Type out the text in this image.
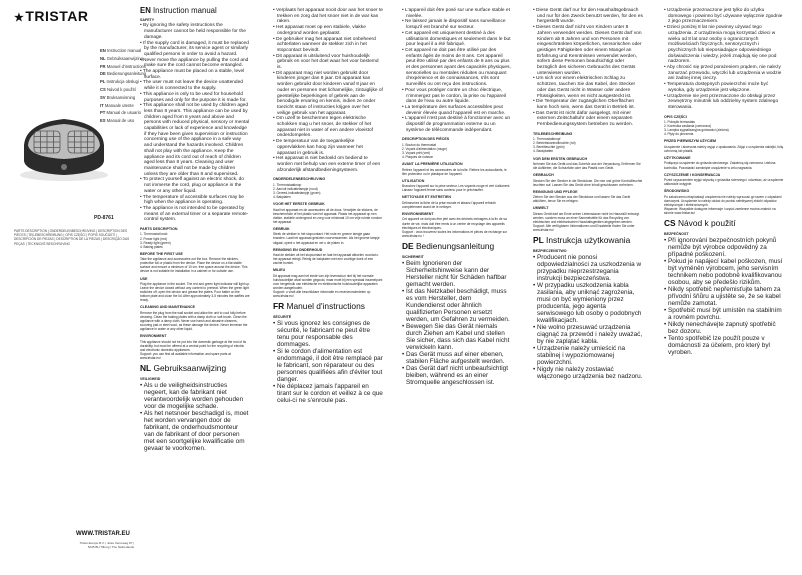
★TRISTAR
EN Instruction manual
NL Gebruiksaanwijzing
FR Manuel d'instructions
DE Bedienungsanleitung
PL Instrukcja obsługi
CS Návod k použití
SV Bruksanvisning
IT Manuale utente
PT Manual de usuario
ES Manual de uso
PD-8761
PARTS DESCRIPTION | ONDERDELENBESCHRIJVING | DESCRIPTION DES PIÈCES | TEILEBESCHREIBUNG | OPIS CZĘŚCI | POPIS SOUČÁSTÍ | DESCRIPCIÓN DE PIEZAS | DESCRIPTION DE LA PIEZAS | DESCRIÇÃO DAS PEÇAS | TECKNICKÉ BESCHRIJVING
WWW.TRISTAR.EU
Tristar Europe B.V. | Jules Verneweg 87 | 5015 BH Tilburg | The Netherlands
EN Instruction manual
SAFETY

• By ignoring the safety instructions the manufacturer cannot be held responsible for the damage.

• If the supply cord is damaged, it must be replaced by the manufacturer, its service agent or similarly qualified persons in order to avoid a hazard.

• Never move the appliance by pulling the cord and make sure the cord cannot become entangled.

• The appliance must be placed on a stable, level surface.

• The user must not leave the device unattended while it is connected to the supply.

• This appliance is only to be used for household purposes and only for the purpose it is made for.

• This appliance shall not be used by children aged less than 8 years. This appliance can be used by children aged from 8 years and above and persons with reduced physical, sensory or mental capabilities or lack of experience and knowledge if they have been given supervision or instruction concerning use of the appliance in a safe way and understand the hazards involved. Children shall not play with the appliance. Keep the appliance and its cord out of reach of children aged less than 8 years. Cleaning and user maintenance shall not be made by children unless they are older than 8 and supervised.

• To protect yourself against an electric shock, do not immerse the cord, plug or appliance in the water or any other liquid.

• The temperature of accessible surfaces may be high when the appliance is operating.

• The appliance is not intended to be operated by means of an external timer or a separate remote-control system.

PARTS DESCRIPTION

1. Thermostat knob

2. Power light (red)

3. Ready light (green)

4. Baking plates

BEFORE THE FIRST USE

Take the appliance and accessories out the box. Remove the stickers, protective foil or plastic from the device. Place the device on a flat stable surface and ensure a minimum of 10 cm. free space around the device. This device is not suitable for installation in a cabinet or for outside use.

USE

Plug the appliance in the socket. The red and green light indicator will light up. Leave the device closed without any content to preheat. When the green light switches off, open the device and grease the plates. Pour batter on the bottom plate and close the lid. After approximately 3-5 minutes the waffles are ready.

CLEANING AND MAINTENANCE

Remove the plug from the wall socket and allow the unit to cool fully before cleaning. Clean the baking plates with a damp cloth or soft brush. Clean the appliance with a damp cloth. Never use harsh and abrasive cleaners, scouring pad or steel wool, as these damage the device. Never immerse the appliance in water or any other liquid.

ENVIRONMENT

This appliance should not be put into the domestic garbage at the end of its durability, but must be offered at a central point for the recycling of electric and electronic domestic appliances.

Support: you can find all available information and spare parts at www.tristar.eu!

NL Gebruiksaanwijzing
VEILIGHEID

• Als u de veiligheidsinstructies negeert, kan de fabrikant niet verantwoordelijk worden gehouden voor de mogelijke schade.

• Als het netsnoer beschadigd is, moet het worden vervangen door de fabrikant, de onderhoudsmonteur van de fabrikant of door personen met een soortgelijke kwalificatie om gevaar te voorkomen.

• Verplaats het apparaat nooit door aan het snoer te trekken en zorg dat het snoer niet in de war kan raken.

• Het apparaat moet op een stabiele, vlakke ondergrond worden geplaatst.

• De gebruiker mag het apparaat niet onbeheerd achterlaten wanneer de stekker zich in het stopcontact bevindt.

• Dit apparaat is uitsluitend voor huishoudelijk gebruik en voor het doel waar het voor bestemd is.

• Dit apparaat mag niet worden gebruikt door kinderen jonger dan 8 jaar. Dit apparaat kan worden gebruikt door kinderen vanaf 8 jaar en ouder en personen met lichamelijke, zintuiglijke of geestelijke beperkingen of gebrek aan de benodigde ervaring en kennis, indien ze onder toezicht staan of instructies krijgen over het veilige gebruik van het apparaat.

• Om uzelf te beschermen tegen elektrische schokken mag u het snoer, de stekker of het apparaat niet in water of een andere vloeistof onderdompelen.

• De temperatuur van de toegankelijke oppervlakken kan hoog zijn wanneer het apparaat in gebruik is.

• Het apparaat is niet bedoeld om bediend te worden met behulp van een externe timer of een afzonderlijk afstandbedieningsysteem.

ONDERDELENBESCHRIJVING

1. Thermostaatknop

2. Aan/uit indicatielampje (rood)

3. Gereed-indicatielampje (groen)

4. Bakplaten

VOOR HET EERSTE GEBRUIK

Haal het apparaat en de accessoires uit de doos. Verwijder de stickers, de beschermfolie of het plastic van het apparaat. Plaats het apparaat op een vlakke, stabiele ondergrond en zorg voor minimaal 10 cm vrije ruimte rondom het apparaat.

GEBRUIK

Steek de stekker in het stopcontact. Het rode en groene lampje gaan branden. Laat het apparaat gesloten voorverwarmen. Als het groene lampje uitgaat, opent u het apparaat en vet u de platen in.

REINIGING EN ONDERHOUD

Haal de stekker uit het stopcontact en laat het apparaat afkoelen voordat u het apparaat reinigt. Reinig de bakplaten met een vochtige doek of een zachte borstel.

MILIEU

Dit apparaat mag aan het einde van zijn levensduur niet bij het normale huishoudelijke afval worden gegooid, maar moet bij een speciaal inzamelpunt voor hergebruik van elektrische en elektronische huishoudelijke apparaten worden aangeboden.

Support: u vindt alle beschikbare informatie en reserveonderdelen op www.tristar.eu!

FR Manuel d'instructions
SÉCURITÉ

• Si vous ignorez les consignes de sécurité, le fabricant ne peut être tenu pour responsable des dommages.

• Si le cordon d'alimentation est endommagé, il doit être remplacé par le fabricant, son réparateur ou des personnes qualifiées afin d'éviter tout danger.

• Ne déplacez jamais l'appareil en tirant sur le cordon et veillez à ce que celui-ci ne s'enroule pas.

• L'appareil doit être posé sur une surface stable et nivelée.

• Ne laissez jamais le dispositif sans surveillance lorsqu'il est branché sur secteur.

• Cet appareil est uniquement destiné à des utilisations domestiques et seulement dans le but pour lequel il a été fabriqué.

• Cet appareil ne doit pas être utilisé par des enfants âgés de moins de 8 ans. Cet appareil peut être utilisé par des enfants de 8 ans ou plus et des personnes ayant des capacités physiques, sensorielles ou mentales réduites ou manquant d'expérience et de connaissances, s'ils sont surveillés ou ont reçu des instructions.

• Pour vous protéger contre un choc électrique, n'immergez pas le cordon, la prise ou l'appareil dans de l'eau ou autre liquide.

• La température des surfaces accessibles peut devenir élevée quand l'appareil est en marche.

• L'appareil n'est pas destiné à fonctionner avec un dispositif de programmation externe ou un système de télécommande indépendant.

DESCRIPTION DES PIÈCES

1. Bouton du thermostat

2. Voyant d'alimentation (rouge)

3. Voyant prêt (vert)

4. Plaques de cuisson

AVANT LA PREMIÈRE UTILISATION

Retirez l'appareil et les accessoires de la boîte. Retirez les autocollants, le film protecteur ou le plastique de l'appareil.

UTILISATION

Branchez l'appareil sur la prise secteur. Les voyants rouge et vert s'allument. Laissez l'appareil fermé sans contenu pour le préchauffer.

NETTOYAGE ET ENTRETIEN

Débranchez la fiche de la prise murale et laissez l'appareil refroidir complètement avant de le nettoyer.

ENVIRONNEMENT

Cet appareil ne doit pas être jeté avec les déchets ménagers à la fin de sa durée de vie, mais doit être remis à un centre de recyclage des appareils électriques et électroniques.

Support : vous trouverez toutes les informations et pièces de rechange sur www.tristar.eu !

DE Bedienungsanleitung
SICHERHEIT

• Beim Ignorieren der Sicherheitshinweise kann der Hersteller nicht für Schäden haftbar gemacht werden.

• Ist das Netzkabel beschädigt, muss es vom Hersteller, dem Kundendienst oder ähnlich qualifizierten Personen ersetzt werden, um Gefahren zu vermeiden.

• Bewegen Sie das Gerät niemals durch Ziehen am Kabel und stellen Sie sicher, dass sich das Kabel nicht verwickeln kann.

• Das Gerät muss auf einer ebenen, stabilen Fläche aufgestellt werden.

• Das Gerät darf nicht unbeaufsichtigt bleiben, während es an einer Stromquelle angeschlossen ist.

• Diese Gerät darf nur für den Haushaltsgebrauch und nur für den Zweck benutzt werden, für den es hergestellt wurde.

• Dieses Gerät darf nicht von Kindern unter 8 Jahren verwendet werden. Dieses Gerät darf von Kindern ab 8 Jahren und von Personen mit eingeschränkten körperlichen, sensorischen oder geistigen Fähigkeiten oder einem Mangel an Erfahrung und Kenntnissen verwendet werden, sofern diese Personen beaufsichtigt oder bezüglich des sicheren Gebrauchs des Geräts unterwiesen wurden.

• Um sich vor einem elektrischen Schlag zu schützen, tauchen Sie das Kabel, den Stecker oder das Gerät nicht in Wasser oder andere Flüssigkeiten, wenn es nicht ausgesteckt ist.

• Die Temperatur der zugänglichen Oberflächen kann hoch sein, wenn das Gerät in Betrieb ist.

• Das Gerät ist nicht dafür ausgelegt, mit einer externen Zeitschaltuhr oder einem separaten Fernbedienungssystem betrieben zu werden.

TEILEBESCHREIBUNG

1. Thermostatknopf

2. Betriebskontrollleuchte (rot)

3. Bereitleuchte (grün)

4. Backplatten

VOR DEM ERSTEN GEBRAUCH

Nehmen Sie das Gerät und das Zubehör aus der Verpackung. Entfernen Sie die Aufkleber, die Schutzfolie oder das Plastik vom Gerät.

GEBRAUCH

Stecken Sie den Stecker in die Steckdose. Die rote und grüne Kontrollleuchte leuchten auf. Lassen Sie das Gerät ohne Inhalt geschlossen vorheizen.

REINIGUNG UND PFLEGE

Ziehen Sie den Stecker aus der Steckdose und lassen Sie das Gerät abkühlen, bevor Sie es reinigen.

UMWELT

Dieses Gerät darf am Ende seiner Lebensdauer nicht im Hausmüll entsorgt werden, sondern muss an einer Sammelstelle für das Recycling von elektrischen und elektronischen Haushaltsgeräten abgegeben werden.

Support: Alle verfügbaren Informationen und Ersatzteile finden Sie unter www.tristar.eu!

PL Instrukcja użytkowania
BEZPIECZEŃSTWO

• Producent nie ponosi odpowiedzialności za uszkodzenia w przypadku nieprzestrzegania instrukcji bezpieczeństwa.

• W przypadku uszkodzenia kabla zasilania, aby uniknąć zagrożenia, musi on być wymieniony przez producenta, jego agenta serwisowego lub osoby o podobnych kwalifikacjach.

• Nie wolno przesuwać urządzenia ciągnąć za przewód i należy uważać, by nie zaplątać kabla.

• Urządzenie należy umieścić na stabilnej i wypoziomowanej powierzchni.

• Nigdy nie należy zostawiać włączonego urządzenia bez nadzoru.

• Urządzenie przeznaczone jest tylko do użytku domowego i powinno być używane wyłącznie zgodnie z jego przeznaczeniem.

• Dzieci poniżej 8 lat nie powinny używać tego urządzenia. Z urządzenia mogą korzystać dzieci w wieku od 8 lat oraz osoby o ograniczonych możliwościach fizycznych, sensorycznych i psychicznych lub nieposiadające odpowiedniego doświadczenia i wiedzy, jeżeli znajdują się one pod nadzorem.

• Aby chronić się przed porażeniem prądem, nie należy zanurzać przewodu, wtyczki lub urządzenia w wodzie ani żadnej innej cieczy.

• Temperatura dostępnych powierzchni może być wysoka, gdy urządzenie jest włączone.

• Urządzenie nie jest przeznaczone do obsługi przez zewnętrzny minutnik lub oddzielny system zdalnego sterowania.

OPIS CZĘŚCI

1. Pokrętło termostatu

2. Kontrolka zasilania (czerwona)

3. Lampka sygnalizacyjna gotowości (zielona)

4. Płyty do pieczenia

PRZED PIERWSZYM UŻYCIEM

Urządzenie i akcesoria należy wyjąć z opakowania. Zdjąć z urządzenia naklejki, folię ochronną lub plastik.

UŻYTKOWANIE

Podłączyć urządzenie do gniazda sieciowego. Zaświecą się czerwona i zielona kontrolka. Pozostawić zamknięte urządzenie w celu nagrzania.

CZYSZCZENIE I KONSERWACJA

Przed czyszczeniem wyjąć wtyczkę z gniazdka ściennego i odczekać, aż urządzenie całkowicie ostygnie.

ŚRODOWISKO

Po zakończeniu eksploatacji urządzenia nie należy wyrzucać go razem z odpadami domowymi. Urządzenie to należy oddać do punktu selektywnej zbiórki odpadów elektrycznych i elektronicznych.

Wsparcie: Wszystkie dostępne informacje i części zamienne można znaleźć na stronie www.tristar.eu!

CS Návod k použití
BEZPEČNOST

• Při ignorování bezpečnostních pokynů nemůže být výrobce odpovědný za případné poškození.

• Pokud je napájecí kabel poškozen, musí být vyměněn výrobcem, jeho servisním technikem nebo podobně kvalifikovanou osobou, aby se předešlo rizikům.

• Nikdy spotřebič nepřemisťujte tahem za přívodní šňůru a ujistěte se, že se kabel nemůže zamotat.

• Spotřebič musí být umístěn na stabilním a rovném povrchu.

• Nikdy nenechávejte zapnutý spotřebič bez dozoru.

• Tento spotřebič lze použít pouze v domácnosti za účelem, pro který byl vyroben.
